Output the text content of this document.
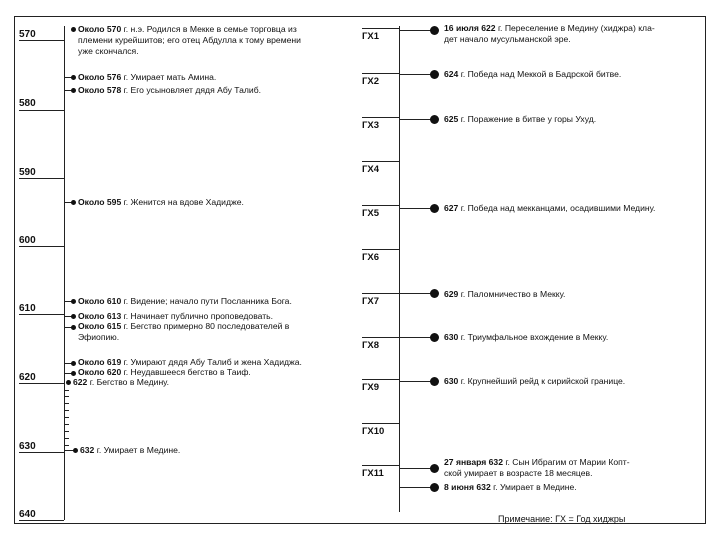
570
580
590
600
610
620
630
640
Около 570 г. н.э. Родился в Мекке в семье торговца из
племени курейшитов; его отец Абдулла к тому времени
уже скончался.
Около 576 г. Умирает мать Амина.
Около 578 г. Его усыновляет дядя Абу Талиб.
Около 595 г. Женится на вдове Хадидже.
Около 610 г. Видение; начало пути Посланника Бога.
Около 613 г. Начинает публично проповедовать.
Около 615 г. Бегство примерно 80 последователей в
Эфиопию.
Около 619 г. Умирают дядя Абу Талиб и жена Хадиджа.
Около 620 г. Неудавшееся бегство в Таиф.
622 г. Бегство в Медину.
632 г. Умирает в Медине.
ГХ1
ГХ2
ГХ3
ГХ4
ГХ5
ГХ6
ГХ7
ГХ8
ГХ9
ГХ10
ГХ11
16 июля 622 г. Переселение в Медину (хиджра) кла-
дет начало мусульманской эре.
624 г. Победа над Меккой в Бадрской битве.
625 г. Поражение в битве у горы Ухуд.
627 г. Победа над мекканцами, осадившими Медину.
629 г. Паломничество в Мекку.
630 г. Триумфальное вхождение в Мекку.
630 г. Крупнейший рейд к сирийской границе.
27 января 632 г. Сын Ибрагим от Марии Копт-
ской умирает в возрасте 18 месяцев.
8 июня 632 г. Умирает в Медине.
Примечание: ГХ = Год хиджры
